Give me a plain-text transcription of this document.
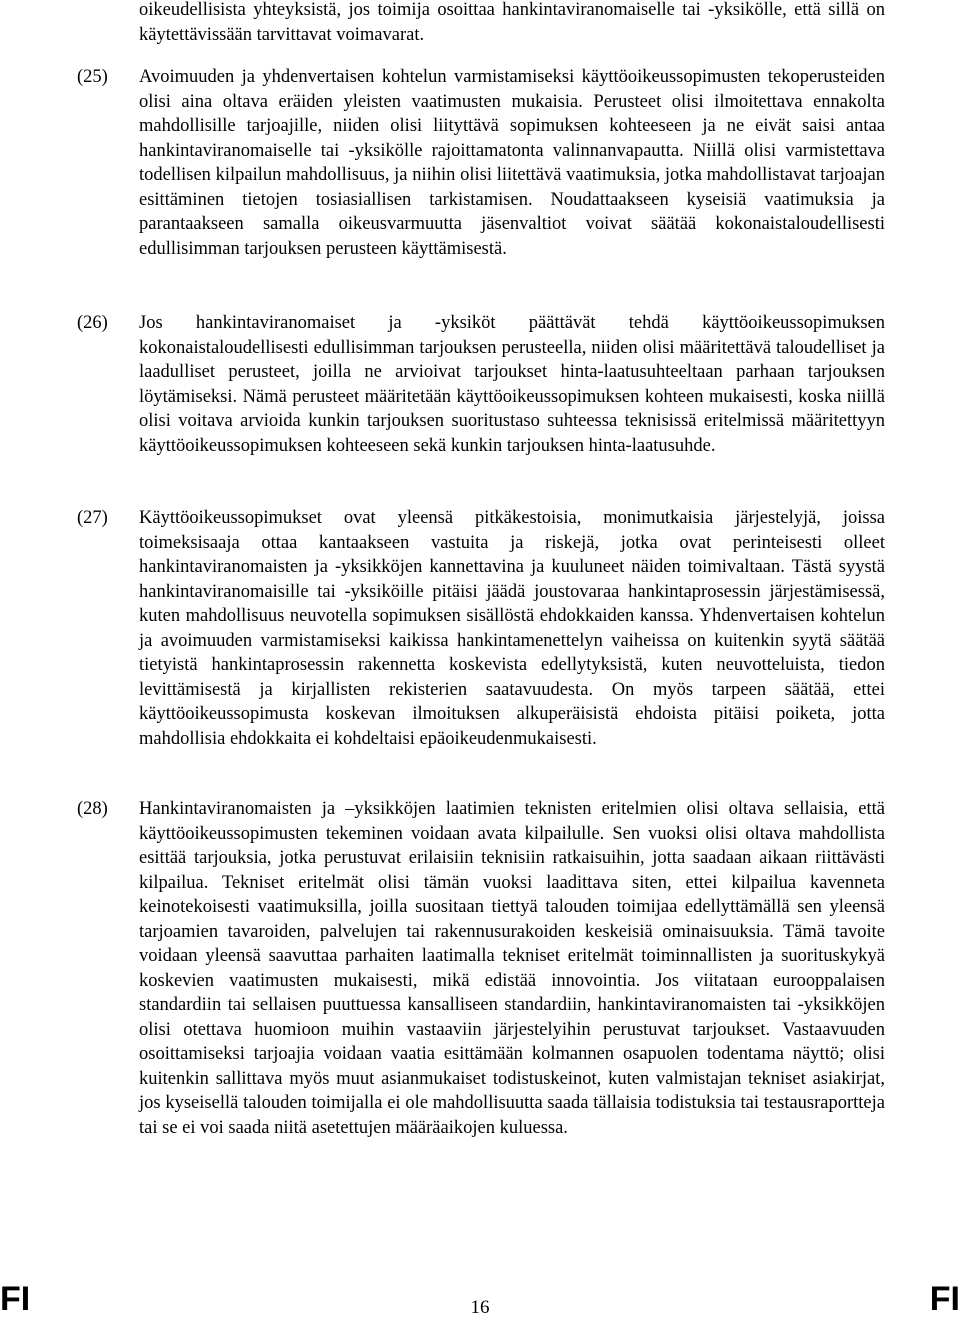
oikeudellisista yhteyksistä, jos toimija osoittaa hankintaviranomaiselle tai -yksikölle, että sillä on käytettävissään tarvittavat voimavarat.
(25) Avoimuuden ja yhdenvertaisen kohtelun varmistamiseksi käyttöoikeussopimusten tekoperusteiden olisi aina oltava eräiden yleisten vaatimusten mukaisia. Perusteet olisi ilmoitettava ennakolta mahdollisille tarjoajille, niiden olisi liityttävä sopimuksen kohteeseen ja ne eivät saisi antaa hankintaviranomaiselle tai -yksikölle rajoittamatonta valinnanvapautta. Niillä olisi varmistettava todellisen kilpailun mahdollisuus, ja niihin olisi liitettävä vaatimuksia, jotka mahdollistavat tarjoajan esittäminen tietojen tosiasiallisen tarkistamisen. Noudattaakseen kyseisiä vaatimuksia ja parantaakseen samalla oikeusvarmuutta jäsenvaltiot voivat säätää kokonaistaloudellisesti edullisimman tarjouksen perusteen käyttämisestä.
(26) Jos hankintaviranomaiset ja -yksiköt päättävät tehdä käyttöoikeussopimuksen kokonaistaloudellisesti edullisimman tarjouksen perusteella, niiden olisi määritettävä taloudelliset ja laadulliset perusteet, joilla ne arvioivat tarjoukset hinta-laatusuhteeltaan parhaan tarjouksen löytämiseksi. Nämä perusteet määritetään käyttöoikeussopimuksen kohteen mukaisesti, koska niillä olisi voitava arvioida kunkin tarjouksen suoritustaso suhteessa teknisissä eritelmissä määritettyyn käyttöoikeussopimuksen kohteeseen sekä kunkin tarjouksen hinta-laatusuhde.
(27) Käyttöoikeussopimukset ovat yleensä pitkäkestoisia, monimutkaisia järjestelyjä, joissa toimeksisaaja ottaa kantaakseen vastuita ja riskejä, jotka ovat perinteisesti olleet hankintaviranomaisten ja -yksikköjen kannettavina ja kuuluneet näiden toimivaltaan. Tästä syystä hankintaviranomaisille tai -yksiköille pitäisi jäädä joustovaraa hankintaprosessin järjestämisessä, kuten mahdollisuus neuvotella sopimuksen sisällöstä ehdokkaiden kanssa. Yhdenvertaisen kohtelun ja avoimuuden varmistamiseksi kaikissa hankintamenettelyn vaiheissa on kuitenkin syytä säätää tietyistä hankintaprosessin rakennetta koskevista edellytyksistä, kuten neuvotteluista, tiedon levittämisestä ja kirjallisten rekisterien saatavuudesta. On myös tarpeen säätää, ettei käyttöoikeussopimusta koskevan ilmoituksen alkuperäisistä ehdoista pitäisi poiketa, jotta mahdollisia ehdokkaita ei kohdeltaisi epäoikeudenmukaisesti.
(28) Hankintaviranomaisten ja –yksikköjen laatimien teknisten eritelmien olisi oltava sellaisia, että käyttöoikeussopimusten tekeminen voidaan avata kilpailulle. Sen vuoksi olisi oltava mahdollista esittää tarjouksia, jotka perustuvat erilaisiin teknisiin ratkaisuihin, jotta saadaan aikaan riittävästi kilpailua. Tekniset eritelmät olisi tämän vuoksi laadittava siten, ettei kilpailua kavenneta keinotekoisesti vaatimuksilla, joilla suositaan tiettyä talouden toimijaa edellyttämällä sen yleensä tarjoamien tavaroiden, palvelujen tai rakennusurakoiden keskeisiä ominaisuuksia. Tämä tavoite voidaan yleensä saavuttaa parhaiten laatimalla tekniset eritelmät toiminnallisten ja suorituskykyä koskevien vaatimusten mukaisesti, mikä edistää innovointia. Jos viitataan eurooppalaisen standardiin tai sellaisen puuttuessa kansalliseen standardiin, hankintaviranomaisten tai -yksikköjen olisi otettava huomioon muihin vastaaviin järjestelyihin perustuvat tarjoukset. Vastaavuuden osoittamiseksi tarjoajia voidaan vaatia esittämään kolmannen osapuolen todentama näyttö; olisi kuitenkin sallittava myös muut asianmukaiset todistuskeinot, kuten valmistajan tekniset asiakirjat, jos kyseisellä talouden toimijalla ei ole mahdollisuutta saada tällaisia todistuksia tai testausraportteja tai se ei voi saada niitä asetettujen määräaikojen kuluessa.
FI	16	FI
